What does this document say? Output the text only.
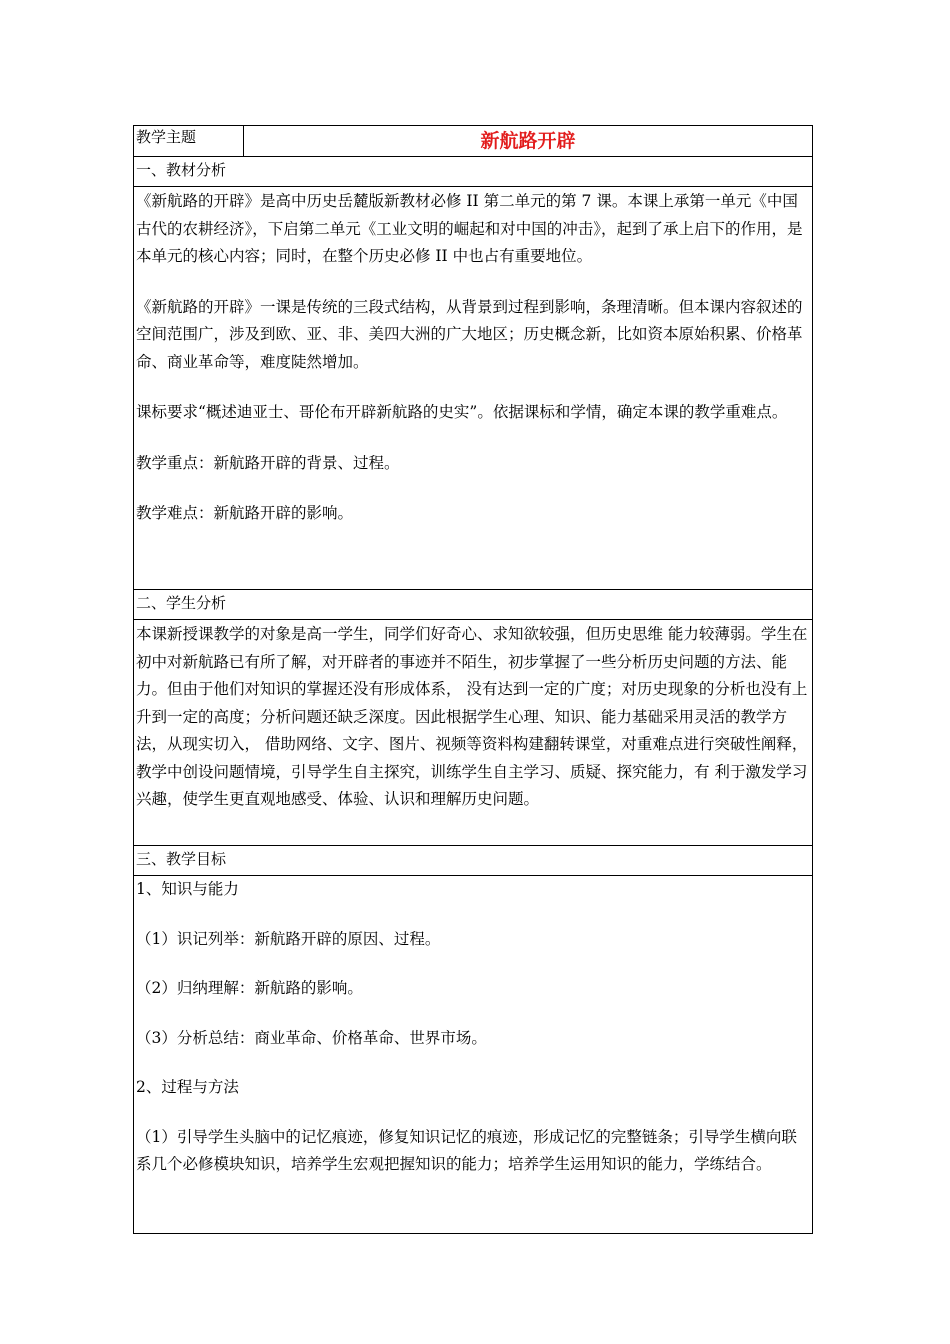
教学主题	新航路开辟
一、教材分析

《新航路的开辟》是高中历史岳麓版新教材必修 II 第二单元的第 7 课。本课上承第一单元《中国古代的农耕经济》，下启第二单元《工业文明的崛起和对中国的冲击》，起到了承上启下的作用，是本单元的核心内容；同时，在整个历史必修 II 中也占有重要地位。

《新航路的开辟》一课是传统的三段式结构，从背景到过程到影响，条理清晰。但本课内容叙述的空间范围广，涉及到欧、亚、非、美四大洲的广大地区；历史概念新，比如资本原始积累、价格革命、商业革命等，难度陡然增加。

课标要求“概述迪亚士、哥伦布开辟新航路的史实”。依据课标和学情，确定本课的教学重难点。

教学重点：新航路开辟的背景、过程。

教学难点：新航路开辟的影响。

二、学生分析

本课新授课教学的对象是高一学生，同学们好奇心、求知欲较强，但历史思维 能力较薄弱。学生在初中对新航路已有所了解，对开辟者的事迹并不陌生，初步掌握了一些分析历史问题的方法、能力。但由于他们对知识的掌握还没有形成体系， 没有达到一定的广度；对历史现象的分析也没有上升到一定的高度；分析问题还缺乏深度。因此根据学生心理、知识、能力基础采用灵活的教学方法，从现实切入， 借助网络、文字、图片、视频等资料构建翻转课堂，对重难点进行突破性阐释，教学中创设问题情境，引导学生自主探究，训练学生自主学习、质疑、探究能力，有 利于激发学习兴趣，使学生更直观地感受、体验、认识和理解历史问题。

三、教学目标

1、知识与能力

（1）识记列举：新航路开辟的原因、过程。

（2）归纳理解：新航路的影响。

（3）分析总结：商业革命、价格革命、世界市场。

2、过程与方法

（1）引导学生头脑中的记忆痕迹，修复知识记忆的痕迹，形成记忆的完整链条；引导学生横向联系几个必修模块知识，培养学生宏观把握知识的能力；培养学生运用知识的能力，学练结合。
